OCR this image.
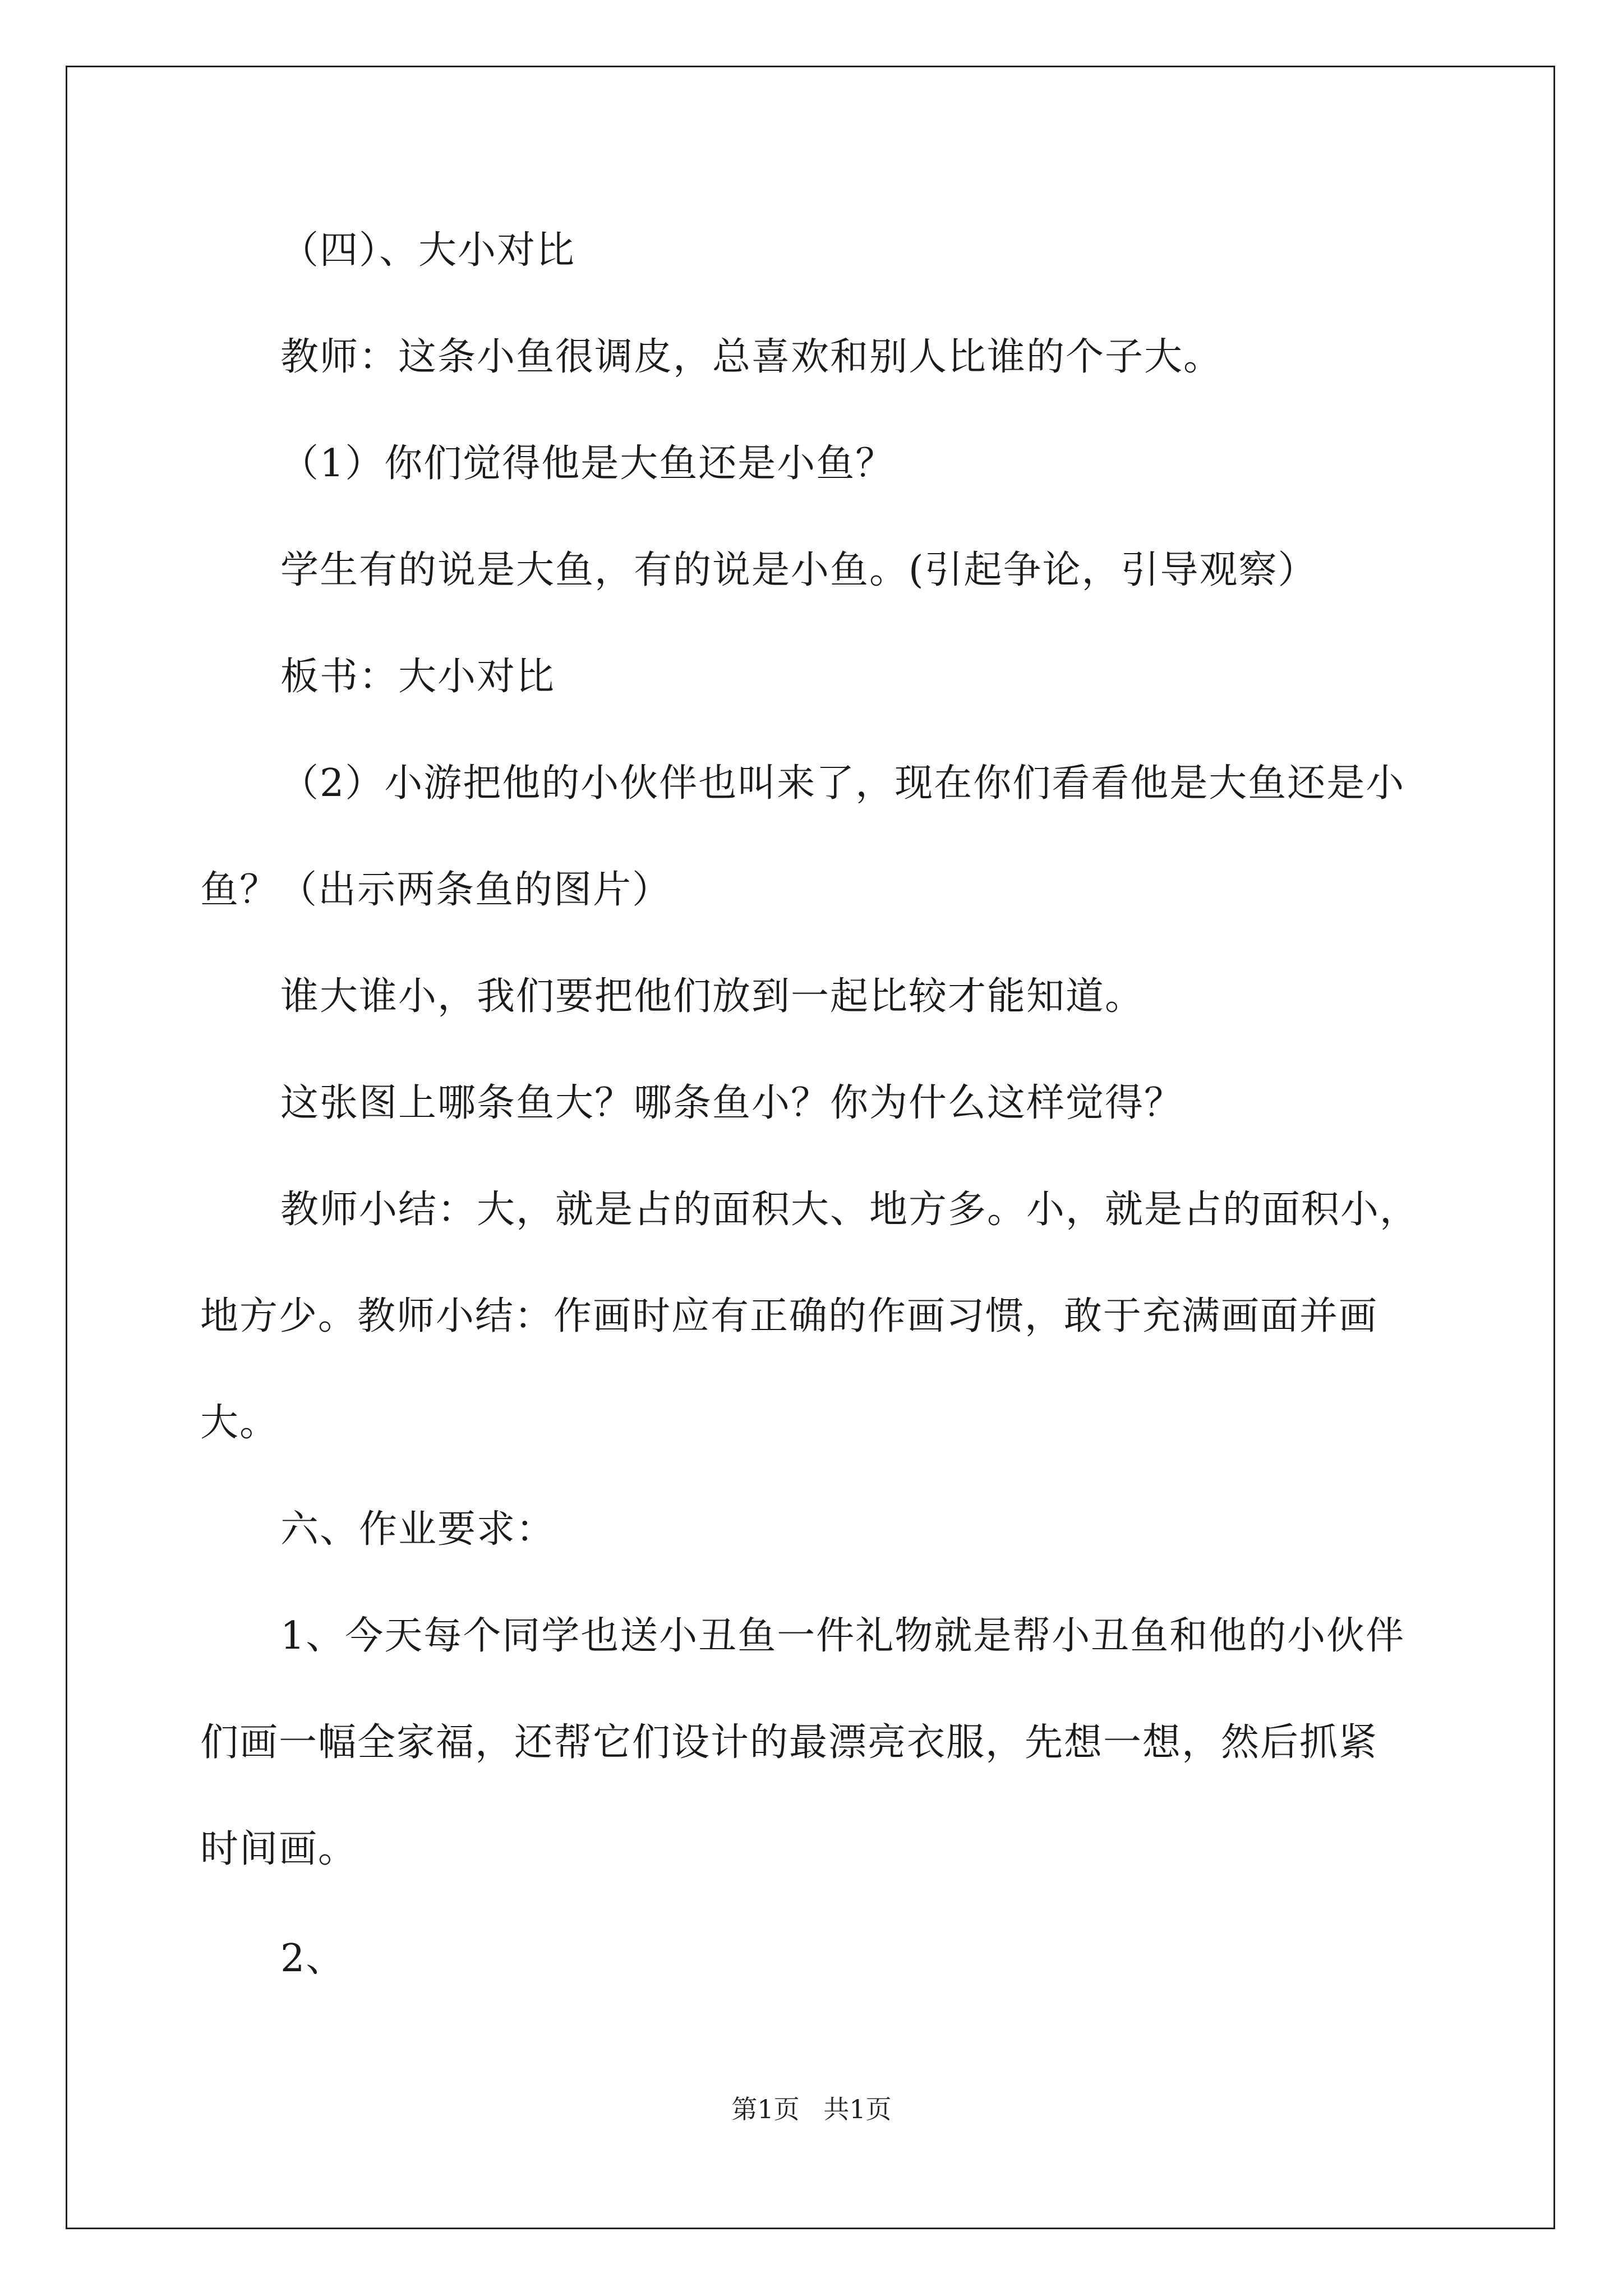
（四）、大小对比
教师：这条小鱼很调皮，总喜欢和别人比谁的个子大。
（1）你们觉得他是大鱼还是小鱼？
学生有的说是大鱼，有的说是小鱼。(引起争论，引导观察）
板书：大小对比
（2）小游把他的小伙伴也叫来了，现在你们看看他是大鱼还是小
鱼？（出示两条鱼的图片）
谁大谁小，我们要把他们放到一起比较才能知道。
这张图上哪条鱼大？哪条鱼小？你为什么这样觉得？
教师小结：大，就是占的面积大、地方多。小，就是占的面积小，
地方少。教师小结：作画时应有正确的作画习惯，敢于充满画面并画
大。
六、作业要求：
1、今天每个同学也送小丑鱼一件礼物就是帮小丑鱼和他的小伙伴
们画一幅全家福，还帮它们设计的最漂亮衣服，先想一想，然后抓紧
时间画。
2、
第1页 共1页
